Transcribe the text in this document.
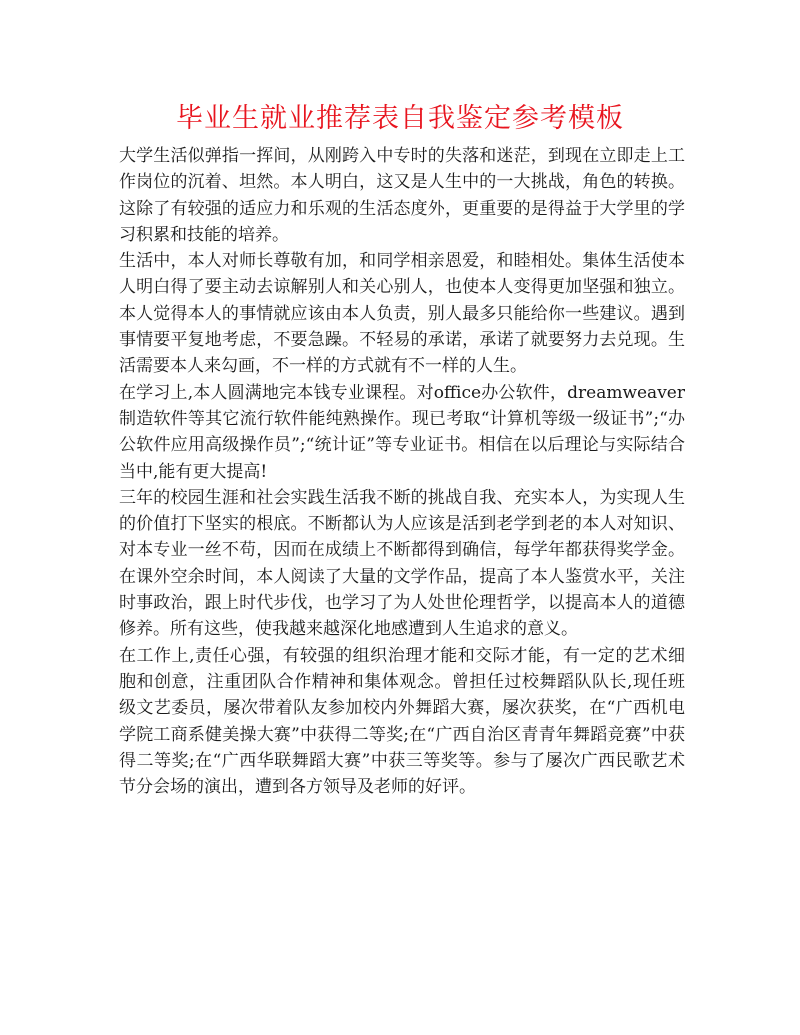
毕业生就业推荐表自我鉴定参考模板

大学生活似弹指一挥间，从刚跨入中专时的失落和迷茫，到现在立即走上工作岗位的沉着、坦然。本人明白，这又是人生中的一大挑战，角色的转换。这除了有较强的适应力和乐观的生活态度外，更重要的是得益于大学里的学习积累和技能的培养。

生活中，本人对师长尊敬有加，和同学相亲恩爱，和睦相处。集体生活使本人明白得了要主动去谅解别人和关心别人，也使本人变得更加坚强和独立。本人觉得本人的事情就应该由本人负责，别人最多只能给你一些建议。遇到事情要平复地考虑，不要急躁。不轻易的承诺，承诺了就要努力去兑现。生活需要本人来勾画，不一样的方式就有不一样的人生。

在学习上,本人圆满地完本钱专业课程。对office办公软件，dreamweaver制造软件等其它流行软件能纯熟操作。现已考取“计算机等级一级证书”;“办公软件应用高级操作员”;“统计证”等专业证书。相信在以后理论与实际结合当中,能有更大提高!

三年的校园生涯和社会实践生活我不断的挑战自我、充实本人，为实现人生的价值打下坚实的根底。不断都认为人应该是活到老学到老的本人对知识、对本专业一丝不苟，因而在成绩上不断都得到确信，每学年都获得奖学金。在课外空余时间，本人阅读了大量的文学作品，提高了本人鉴赏水平，关注时事政治，跟上时代步伐，也学习了为人处世伦理哲学，以提高本人的道德修养。所有这些，使我越来越深化地感遭到人生追求的意义。

在工作上,责任心强，有较强的组织治理才能和交际才能，有一定的艺术细胞和创意，注重团队合作精神和集体观念。曾担任过校舞蹈队队长,现任班级文艺委员，屡次带着队友参加校内外舞蹈大赛，屡次获奖，在“广西机电学院工商系健美操大赛”中获得二等奖;在“广西自治区青青年舞蹈竞赛”中获得二等奖;在“广西华联舞蹈大赛”中获三等奖等。参与了屡次广西民歌艺术节分会场的演出，遭到各方领导及老师的好评。
